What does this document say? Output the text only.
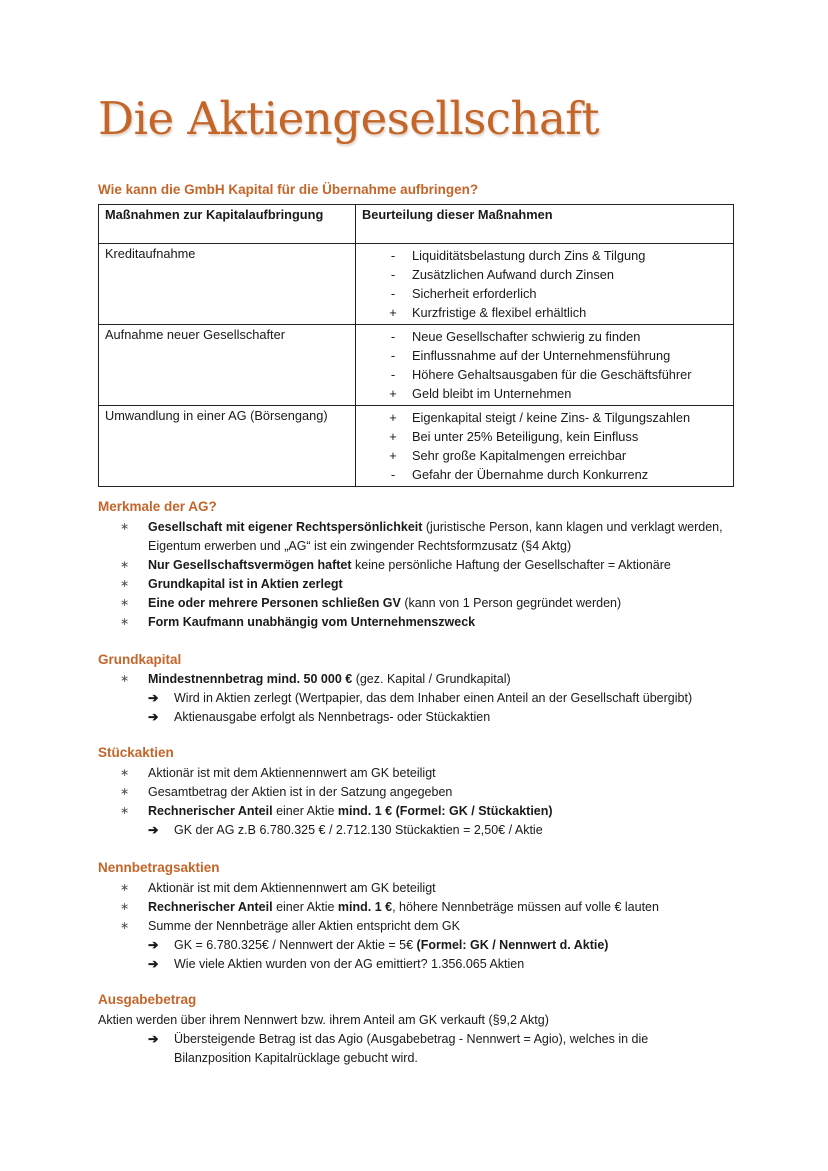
Die Aktiengesellschaft
Wie kann die GmbH Kapital für die Übernahme aufbringen?
Maßnahmen zur Kapitalaufbringung	Beurteilung dieser Maßnahmen
Kreditaufnahme	-	Liquiditätsbelastung durch Zins & Tilgung
-	Zusätzlichen Aufwand durch Zinsen
-	Sicherheit erforderlich
+	Kurzfristige & flexibel erhältlich

Aufnahme neuer Gesellschafter	-	Neue Gesellschafter schwierig zu finden
-	Einflussnahme auf der Unternehmensführung
-	Höhere Gehaltsausgaben für die Geschäftsführer
+	Geld bleibt im Unternehmen

Umwandlung in einer AG (Börsengang)	+	Eigenkapital steigt / keine Zins- & Tilgungszahlen
+	Bei unter 25% Beteiligung, kein Einfluss
+	Sehr große Kapitalmengen erreichbar
-	Gefahr der Übernahme durch Konkurrenz
Merkmale der AG?
∗ Gesellschaft mit eigener Rechtspersönlichkeit (juristische Person, kann klagen und verklagt werden, Eigentum erwerben und „AG“ ist ein zwingender Rechtsformzusatz (§4 Aktg)
∗ Nur Gesellschaftsvermögen haftet keine persönliche Haftung der Gesellschafter = Aktionäre
∗ Grundkapital ist in Aktien zerlegt
∗ Eine oder mehrere Personen schließen GV (kann von 1 Person gegründet werden)
∗ Form Kaufmann unabhängig vom Unternehmenszweck
Grundkapital
∗ Mindestnennbetrag mind. 50 000 € (gez. Kapital / Grundkapital)
➔ Wird in Aktien zerlegt (Wertpapier, das dem Inhaber einen Anteil an der Gesellschaft übergibt)
➔ Aktienausgabe erfolgt als Nennbetrags- oder Stückaktien
Stückaktien
∗ Aktionär ist mit dem Aktiennennwert am GK beteiligt
∗ Gesamtbetrag der Aktien ist in der Satzung angegeben
∗ Rechnerischer Anteil einer Aktie mind. 1 € (Formel: GK / Stückaktien)
➔ GK der AG z.B 6.780.325 € / 2.712.130 Stückaktien = 2,50€ / Aktie
Nennbetragsaktien
∗ Aktionär ist mit dem Aktiennennwert am GK beteiligt
∗ Rechnerischer Anteil einer Aktie mind. 1 €, höhere Nennbeträge müssen auf volle € lauten
∗ Summe der Nennbeträge aller Aktien entspricht dem GK
➔ GK = 6.780.325€ / Nennwert der Aktie = 5€ (Formel: GK / Nennwert d. Aktie)
➔ Wie viele Aktien wurden von der AG emittiert? 1.356.065 Aktien
Ausgabebetrag

Aktien werden über ihrem Nennwert bzw. ihrem Anteil am GK verkauft (§9,2 Aktg)

➔ Übersteigende Betrag ist das Agio (Ausgabebetrag - Nennwert = Agio), welches in die Bilanzposition Kapitalrücklage gebucht wird.
